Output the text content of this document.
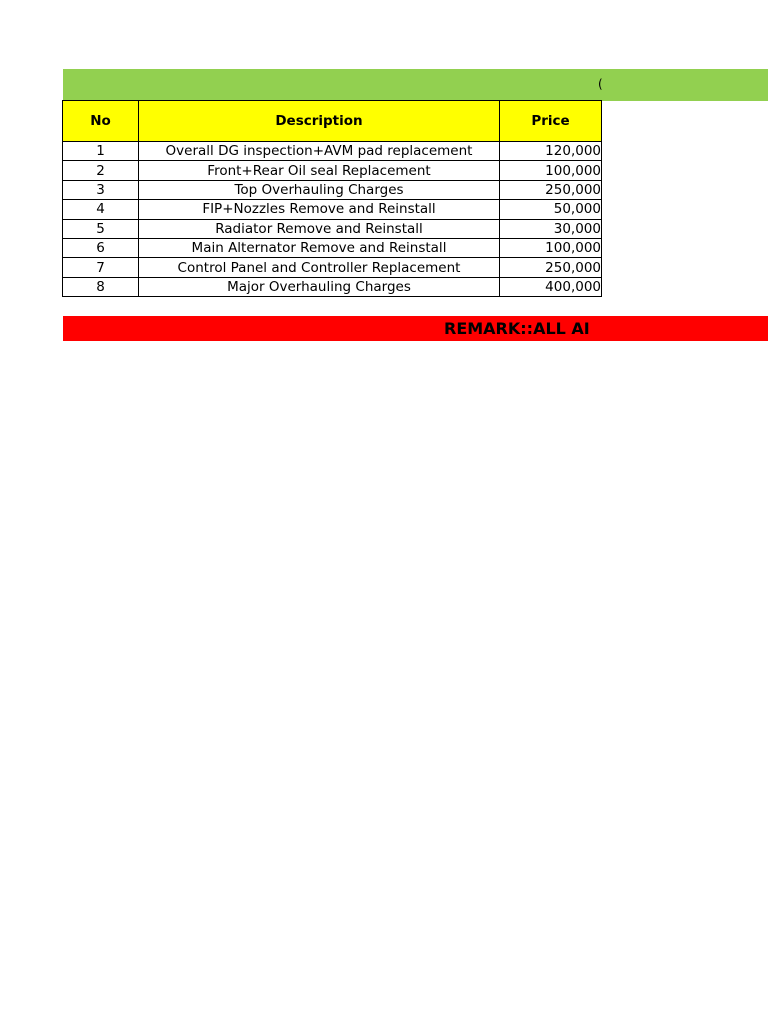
(
No	Description	Price
1	Overall DG inspection+AVM pad replacement	120,000
2	Front+Rear Oil seal Replacement	100,000
3	Top Overhauling Charges	250,000
4	FIP+Nozzles Remove and Reinstall	50,000
5	Radiator Remove and Reinstall	30,000
6	Main Alternator Remove and Reinstall	100,000
7	Control Panel and Controller Replacement	250,000
8	Major Overhauling Charges	400,000
REMARK::ALL AI
